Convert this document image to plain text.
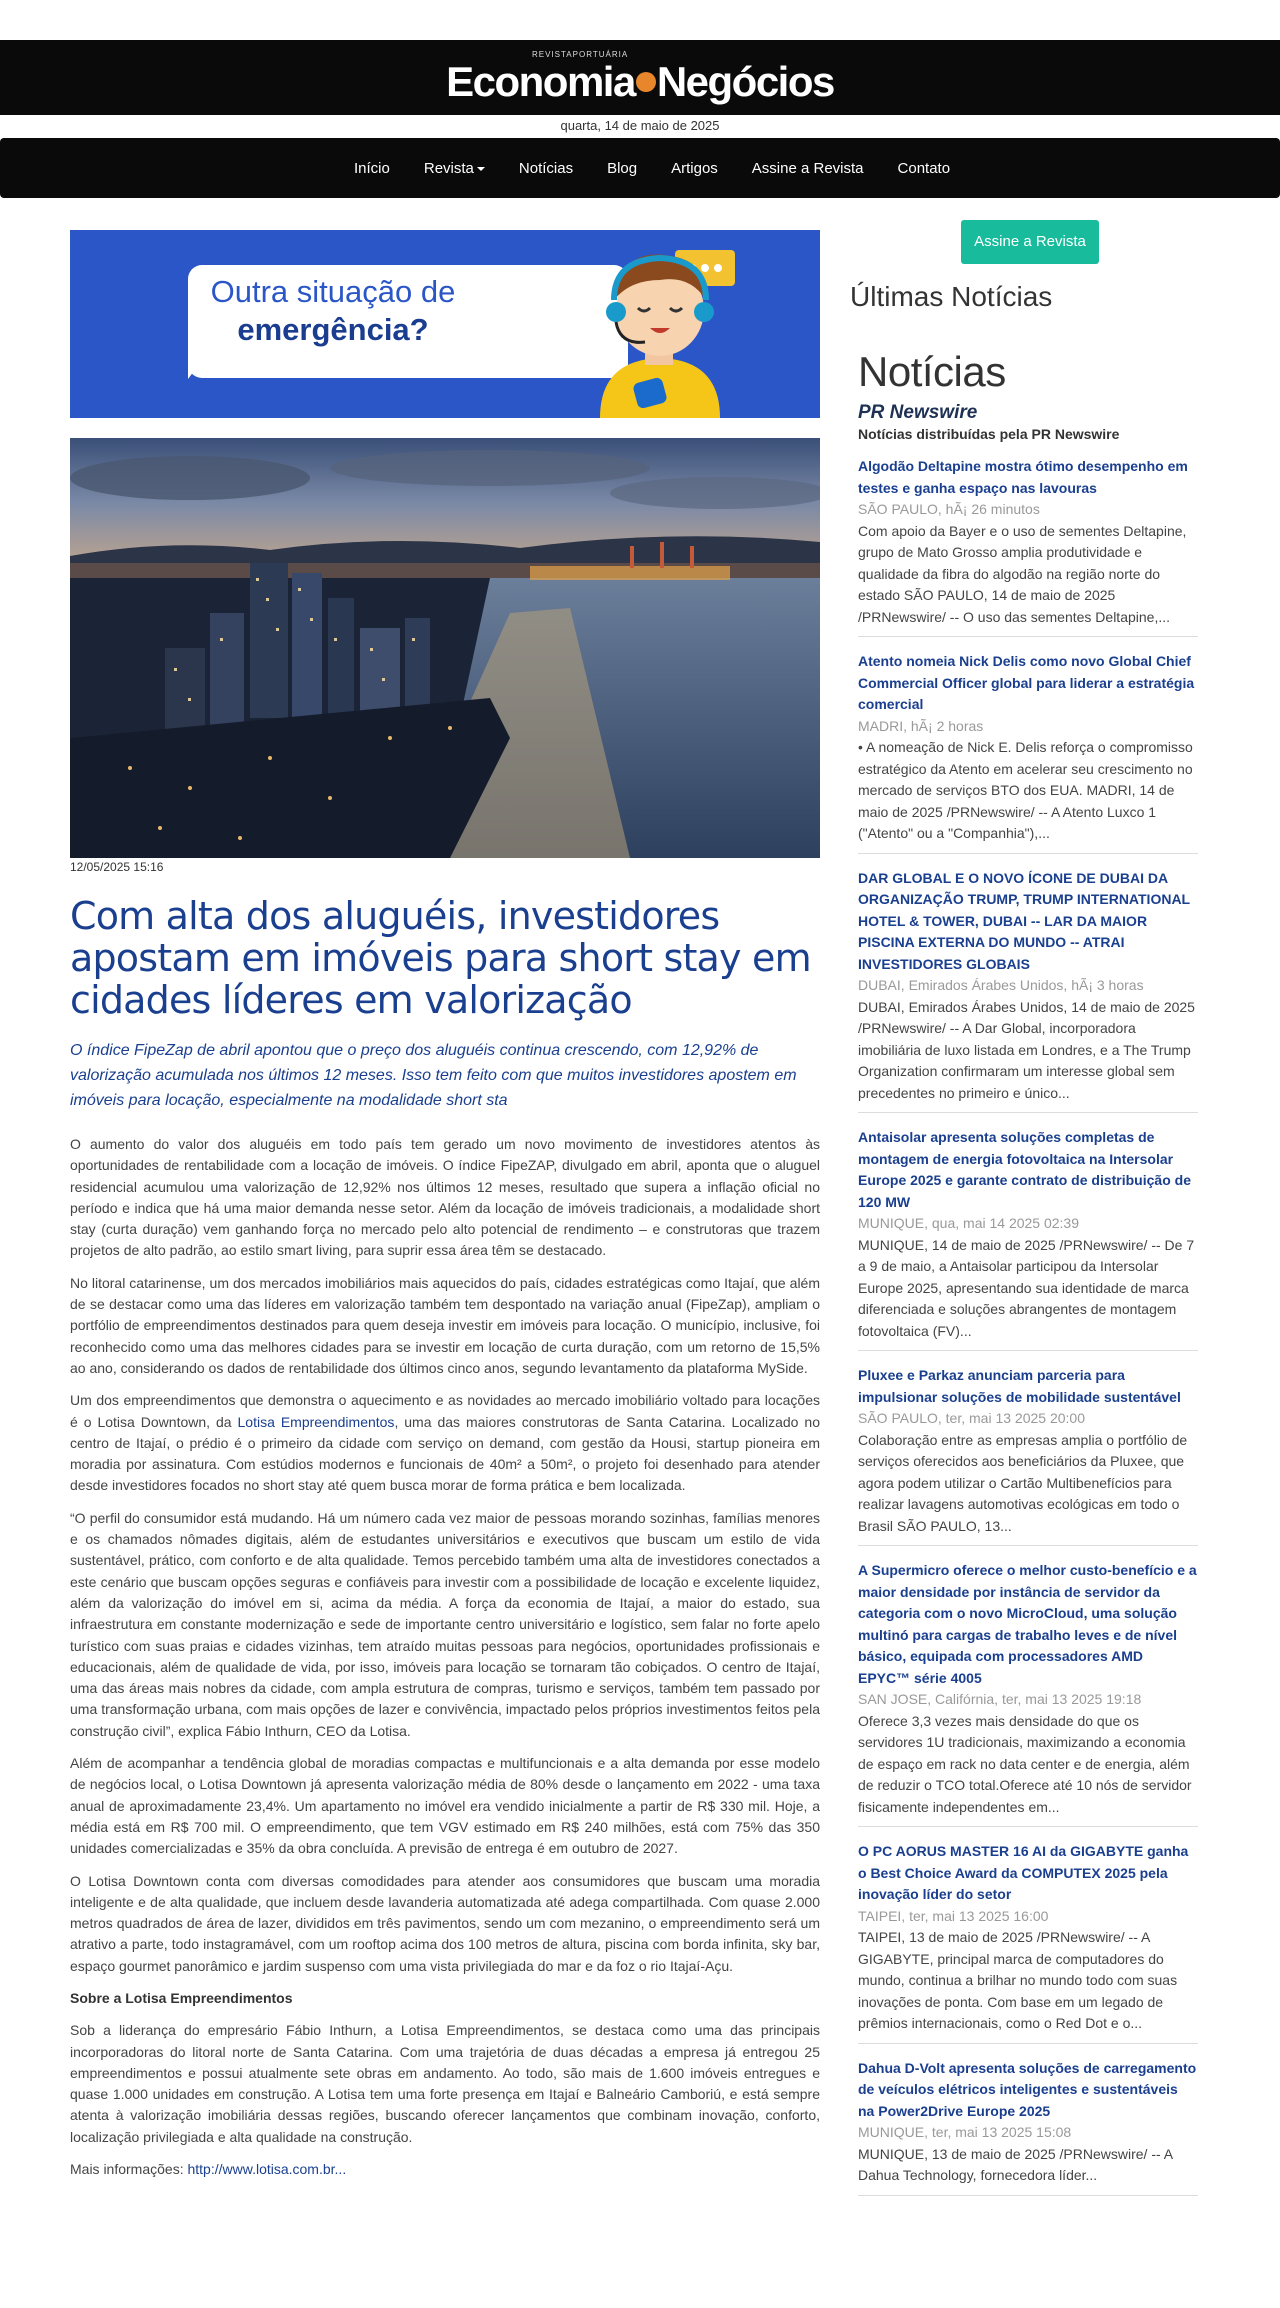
REVISTAPORTUÁRIA
Economia Negócios
quarta, 14 de maio de 2025
Início Revista	Notícias Blog Artigos Assine a Revista Contato
Outra situação de
emergência?
12/05/2025 15:16
Com alta dos aluguéis, investidores apostam em imóveis para short stay em cidades líderes em valorização
O índice FipeZap de abril apontou que o preço dos aluguéis continua crescendo, com 12,92% de valorização acumulada nos últimos 12 meses. Isso tem feito com que muitos investidores apostem em imóveis para locação, especialmente na modalidade short sta

O aumento do valor dos aluguéis em todo país tem gerado um novo movimento de investidores atentos às oportunidades de rentabilidade com a locação de imóveis. O índice FipeZAP, divulgado em abril, aponta que o aluguel residencial acumulou uma valorização de 12,92% nos últimos 12 meses, resultado que supera a inflação oficial no período e indica que há uma maior demanda nesse setor. Além da locação de imóveis tradicionais, a modalidade short stay (curta duração) vem ganhando força no mercado pelo alto potencial de rendimento – e construtoras que trazem projetos de alto padrão, ao estilo smart living, para suprir essa área têm se destacado.

No litoral catarinense, um dos mercados imobiliários mais aquecidos do país, cidades estratégicas como Itajaí, que além de se destacar como uma das líderes em valorização também tem despontado na variação anual (FipeZap), ampliam o portfólio de empreendimentos destinados para quem deseja investir em imóveis para locação. O município, inclusive, foi reconhecido como uma das melhores cidades para se investir em locação de curta duração, com um retorno de 15,5% ao ano, considerando os dados de rentabilidade dos últimos cinco anos, segundo levantamento da plataforma MySide.

Um dos empreendimentos que demonstra o aquecimento e as novidades ao mercado imobiliário voltado para locações é o Lotisa Downtown, da Lotisa Empreendimentos, uma das maiores construtoras de Santa Catarina. Localizado no centro de Itajaí, o prédio é o primeiro da cidade com serviço on demand, com gestão da Housi, startup pioneira em moradia por assinatura. Com estúdios modernos e funcionais de 40m² a 50m², o projeto foi desenhado para atender desde investidores focados no short stay até quem busca morar de forma prática e bem localizada.

“O perfil do consumidor está mudando. Há um número cada vez maior de pessoas morando sozinhas, famílias menores e os chamados nômades digitais, além de estudantes universitários e executivos que buscam um estilo de vida sustentável, prático, com conforto e de alta qualidade. Temos percebido também uma alta de investidores conectados a este cenário que buscam opções seguras e confiáveis para investir com a possibilidade de locação e excelente liquidez, além da valorização do imóvel em si, acima da média. A força da economia de Itajaí, a maior do estado, sua infraestrutura em constante modernização e sede de importante centro universitário e logístico, sem falar no forte apelo turístico com suas praias e cidades vizinhas, tem atraído muitas pessoas para negócios, oportunidades profissionais e educacionais, além de qualidade de vida, por isso, imóveis para locação se tornaram tão cobiçados. O centro de Itajaí, uma das áreas mais nobres da cidade, com ampla estrutura de compras, turismo e serviços, também tem passado por uma transformação urbana, com mais opções de lazer e convivência, impactado pelos próprios investimentos feitos pela construção civil”, explica Fábio Inthurn, CEO da Lotisa.

Além de acompanhar a tendência global de moradias compactas e multifuncionais e a alta demanda por esse modelo de negócios local, o Lotisa Downtown já apresenta valorização média de 80% desde o lançamento em 2022 - uma taxa anual de aproximadamente 23,4%. Um apartamento no imóvel era vendido inicialmente a partir de R$ 330 mil. Hoje, a média está em R$ 700 mil. O empreendimento, que tem VGV estimado em R$ 240 milhões, está com 75% das 350 unidades comercializadas e 35% da obra concluída. A previsão de entrega é em outubro de 2027.

O Lotisa Downtown conta com diversas comodidades para atender aos consumidores que buscam uma moradia inteligente e de alta qualidade, que incluem desde lavanderia automatizada até adega compartilhada. Com quase 2.000 metros quadrados de área de lazer, divididos em três pavimentos, sendo um com mezanino, o empreendimento será um atrativo a parte, todo instagramável, com um rooftop acima dos 100 metros de altura, piscina com borda infinita, sky bar, espaço gourmet panorâmico e jardim suspenso com uma vista privilegiada do mar e da foz o rio Itajaí-Açu.

Sobre a Lotisa Empreendimentos

Sob a liderança do empresário Fábio Inthurn, a Lotisa Empreendimentos, se destaca como uma das principais incorporadoras do litoral norte de Santa Catarina. Com uma trajetória de duas décadas a empresa já entregou 25 empreendimentos e possui atualmente sete obras em andamento. Ao todo, são mais de 1.600 imóveis entregues e quase 1.000 unidades em construção. A Lotisa tem uma forte presença em Itajaí e Balneário Camboriú, e está sempre atenta à valorização imobiliária dessas regiões, buscando oferecer lançamentos que combinam inovação, conforto, localização privilegiada e alta qualidade na construção.

Mais informações: http://www.lotisa.com.br...

Assine a Revista
Últimas Notícias
Notícias
PR Newswire
Notícias distribuídas pela PR Newswire
Algodão Deltapine mostra ótimo desempenho em testes e ganha espaço nas lavouras
SÃO PAULO, hÃ¡ 26 minutos
Com apoio da Bayer e o uso de sementes Deltapine, grupo de Mato Grosso amplia produtividade e qualidade da fibra do algodão na região norte do estado SÃO PAULO, 14 de maio de 2025 /PRNewswire/ -- O uso das sementes Deltapine,...
Atento nomeia Nick Delis como novo Global Chief Commercial Officer global para liderar a estratégia comercial
MADRI, hÃ¡ 2 horas
• A nomeação de Nick E. Delis reforça o compromisso estratégico da Atento em acelerar seu crescimento no mercado de serviços BTO dos EUA. MADRI, 14 de maio de 2025 /PRNewswire/ -- A Atento Luxco 1 ("Atento" ou a "Companhia"),...
DAR GLOBAL E O NOVO ÍCONE DE DUBAI DA ORGANIZAÇÃO TRUMP, TRUMP INTERNATIONAL HOTEL & TOWER, DUBAI -- LAR DA MAIOR PISCINA EXTERNA DO MUNDO -- ATRAI INVESTIDORES GLOBAIS
DUBAI, Emirados Árabes Unidos, hÃ¡ 3 horas
DUBAI, Emirados Árabes Unidos, 14 de maio de 2025 /PRNewswire/ -- A Dar Global, incorporadora imobiliária de luxo listada em Londres, e a The Trump Organization confirmaram um interesse global sem precedentes no primeiro e único...
Antaisolar apresenta soluções completas de montagem de energia fotovoltaica na Intersolar Europe 2025 e garante contrato de distribuição de 120 MW
MUNIQUE, qua, mai 14 2025 02:39
MUNIQUE, 14 de maio de 2025 /PRNewswire/ -- De 7 a 9 de maio, a Antaisolar participou da Intersolar Europe 2025, apresentando sua identidade de marca diferenciada e soluções abrangentes de montagem fotovoltaica (FV)...
Pluxee e Parkaz anunciam parceria para impulsionar soluções de mobilidade sustentável
SÃO PAULO, ter, mai 13 2025 20:00
Colaboração entre as empresas amplia o portfólio de serviços oferecidos aos beneficiários da Pluxee, que agora podem utilizar o Cartão Multibenefícios para realizar lavagens automotivas ecológicas em todo o Brasil SÃO PAULO, 13...
A Supermicro oferece o melhor custo-benefício e a maior densidade por instância de servidor da categoria com o novo MicroCloud, uma solução multinó para cargas de trabalho leves e de nível básico, equipada com processadores AMD EPYC™ série 4005
SAN JOSE, Califórnia, ter, mai 13 2025 19:18
Oferece 3,3 vezes mais densidade do que os servidores 1U tradicionais, maximizando a economia de espaço em rack no data center e de energia, além de reduzir o TCO total.Oferece até 10 nós de servidor fisicamente independentes em...
O PC AORUS MASTER 16 AI da GIGABYTE ganha o Best Choice Award da COMPUTEX 2025 pela inovação líder do setor
TAIPEI, ter, mai 13 2025 16:00
TAIPEI, 13 de maio de 2025 /PRNewswire/ -- A GIGABYTE, principal marca de computadores do mundo, continua a brilhar no mundo todo com suas inovações de ponta. Com base em um legado de prêmios internacionais, como o Red Dot e o...
Dahua D-Volt apresenta soluções de carregamento de veículos elétricos inteligentes e sustentáveis na Power2Drive Europe 2025
MUNIQUE, ter, mai 13 2025 15:08
MUNIQUE, 13 de maio de 2025 /PRNewswire/ -- A Dahua Technology, fornecedora líder...
